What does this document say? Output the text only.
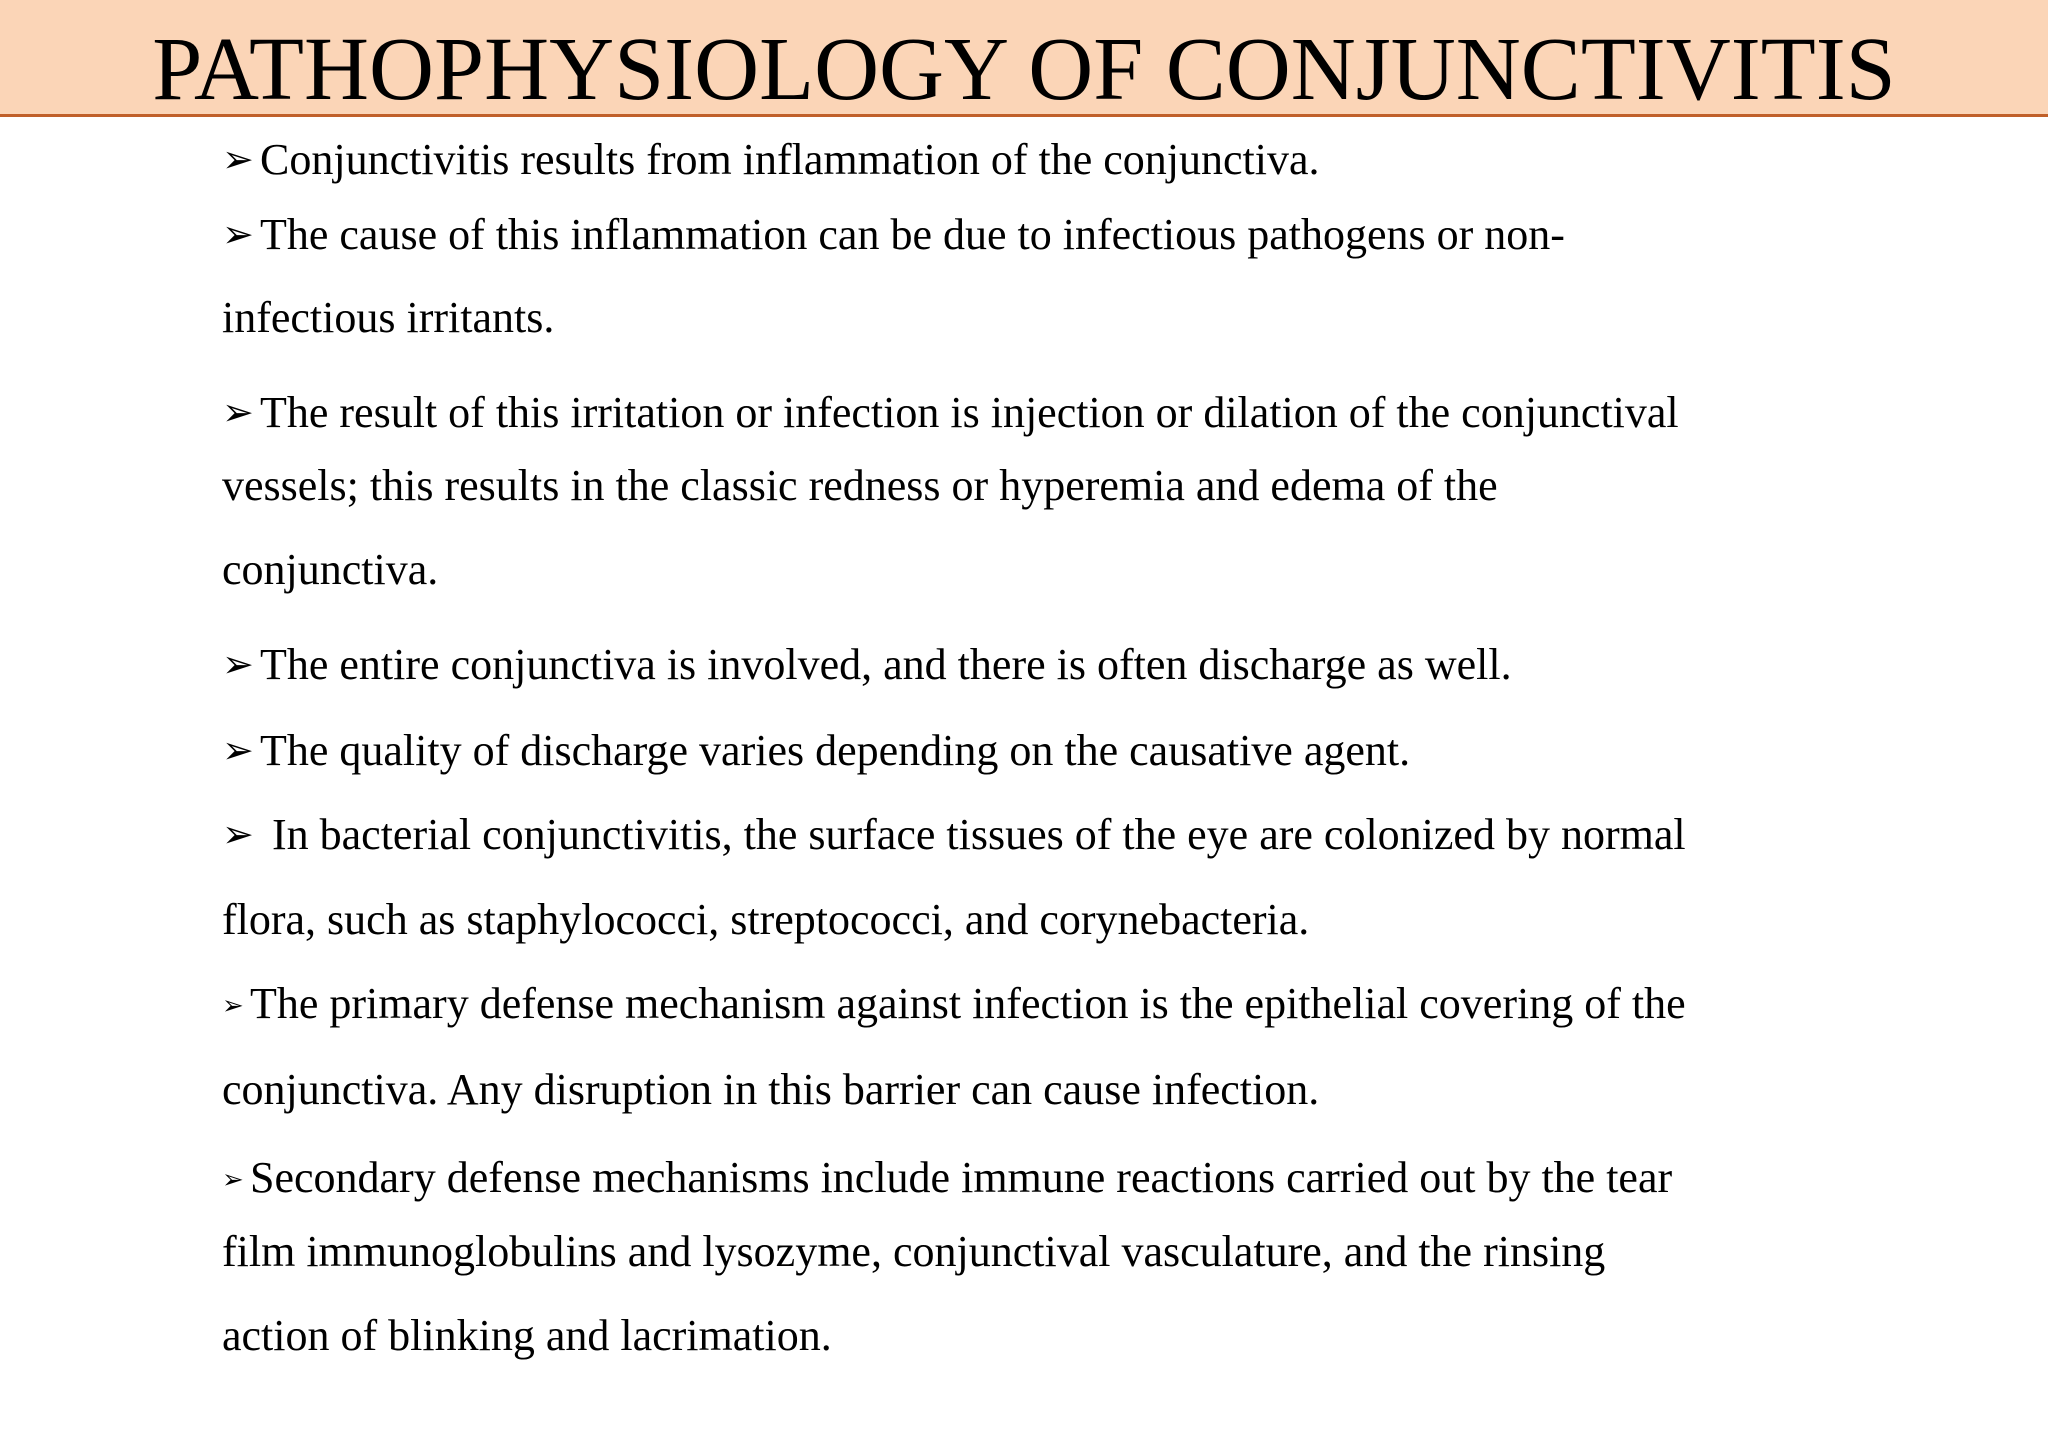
PATHOPHYSIOLOGY OF CONJUNCTIVITIS
➢ Conjunctivitis results from inflammation of the conjunctiva.
➢ The cause of this inflammation can be due to infectious pathogens or non-
infectious irritants.
➢ The result of this irritation or infection is injection or dilation of the conjunctival
vessels; this results in the classic redness or hyperemia and edema of the
conjunctiva.
➢ The entire conjunctiva is involved, and there is often discharge as well.
➢ The quality of discharge varies depending on the causative agent.
➢ In bacterial conjunctivitis, the surface tissues of the eye are colonized by normal
flora, such as staphylococci, streptococci, and corynebacteria.
➢ The primary defense mechanism against infection is the epithelial covering of the
conjunctiva. Any disruption in this barrier can cause infection.
➢ Secondary defense mechanisms include immune reactions carried out by the tear
film immunoglobulins and lysozyme, conjunctival vasculature, and the rinsing
action of blinking and lacrimation.
